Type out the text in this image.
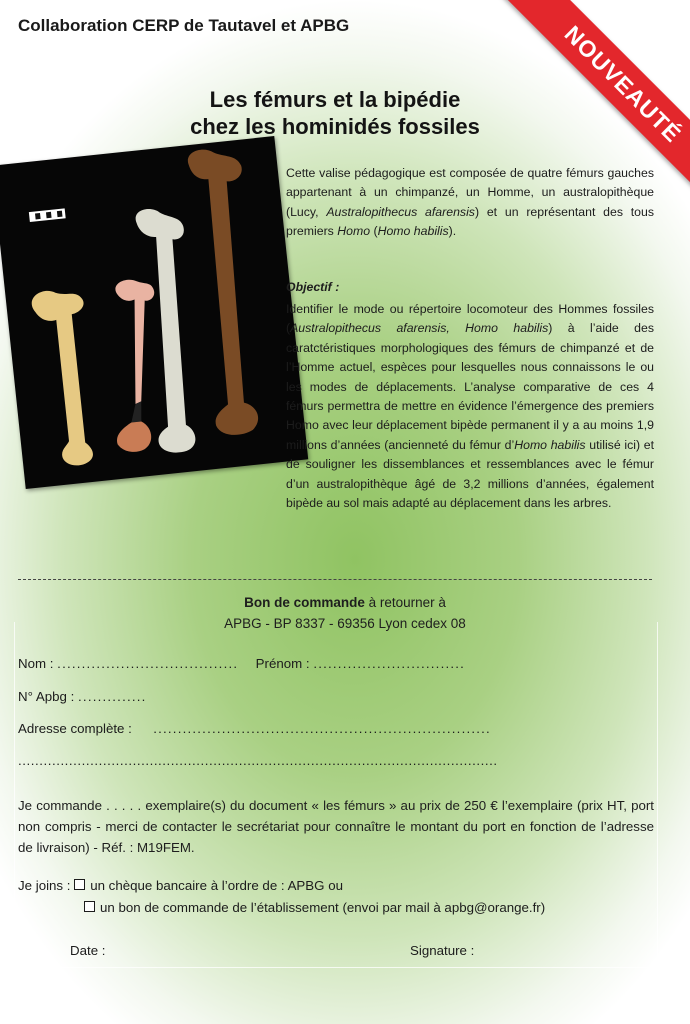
Collaboration CERP de Tautavel et APBG	NOUVEAUTÉ
Les fémurs et la bipédie
chez les hominidés fossiles
Cette valise pédagogique est composée de quatre fémurs gauches appartenant à un chimpanzé, un Homme, un australopithèque (Lucy, Australopithecus afarensis) et un représentant des tous premiers Homo (Homo habilis).
Objectif :
Identifier le mode ou répertoire locomoteur des Hommes fossiles (Australopithecus afarensis, Homo habilis) à l’aide des caratctéristiques morphologiques des fémurs de chimpanzé et de l’Homme actuel, espèces pour lesquelles nous connaissons le ou les modes de déplacements. L’analyse comparative de ces 4 fémurs permettra de mettre en évidence l’émergence des premiers Homo avec leur déplacement bipède permanent il y a au moins 1,9 millions d’années (ancienneté du fémur d’Homo habilis utilisé ici) et de souligner les dissemblances et ressemblances avec le fémur d’un australopithèque âgé de 3,2 millions d’années, également bipède au sol mais adapté au déplacement dans les arbres.
Bon de commande à retourner à
APBG - BP 8337 - 69356 Lyon cedex 08
Nom : ..................................... Prénom : ...............................
N° Apbg : ..............
Adresse complète : .....................................................................
.................................................................................................................
Je commande . . . . . exemplaire(s) du document « les fémurs » au prix de 250 € l’exemplaire (prix HT, port non compris - merci de contacter le secrétariat pour connaître le montant du port en fonction de l’adresse de livraison) - Réf. : M19FEM.
Je joins : un chèque bancaire à l’ordre de : APBG ou
un bon de commande de l’établissement (envoi par mail à apbg@orange.fr)
Date :	Signature :
